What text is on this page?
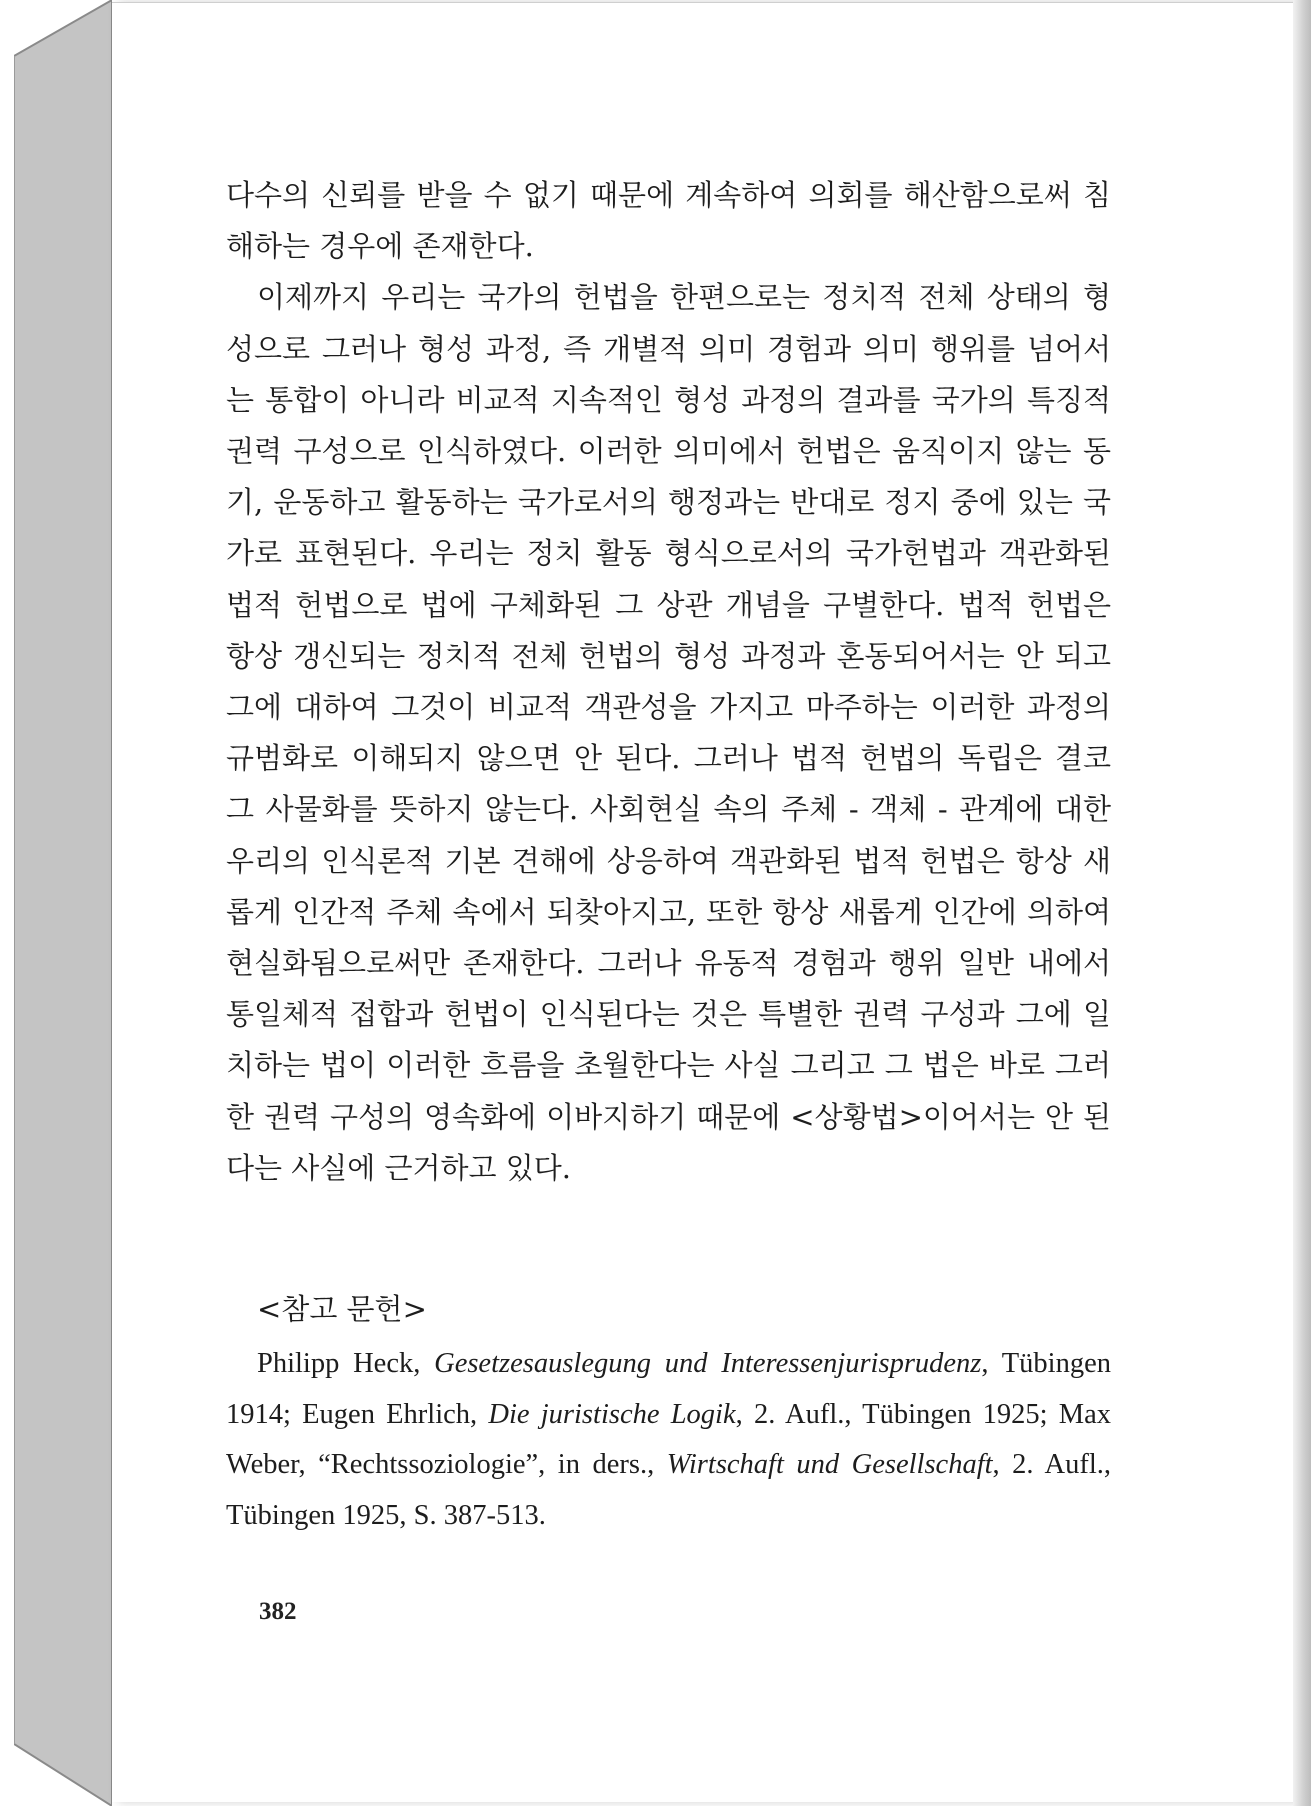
다수의 신뢰를 받을 수 없기 때문에 계속하여 의회를 해산함으로써 침해하는 경우에 존재한다.

이제까지 우리는 국가의 헌법을 한편으로는 정치적 전체 상태의 형성으로 그러나 형성 과정, 즉 개별적 의미 경험과 의미 행위를 넘어서는 통합이 아니라 비교적 지속적인 형성 과정의 결과를 국가의 특징적 권력 구성으로 인식하였다. 이러한 의미에서 헌법은 움직이지 않는 동기, 운동하고 활동하는 국가로서의 행정과는 반대로 정지 중에 있는 국가로 표현된다. 우리는 정치 활동 형식으로서의 국가헌법과 객관화된 법적 헌법으로 법에 구체화된 그 상관 개념을 구별한다. 법적 헌법은 항상 갱신되는 정치적 전체 헌법의 형성 과정과 혼동되어서는 안 되고 그에 대하여 그것이 비교적 객관성을 가지고 마주하는 이러한 과정의 규범화로 이해되지 않으면 안 된다. 그러나 법적 헌법의 독립은 결코 그 사물화를 뜻하지 않는다. 사회현실 속의 주체 - 객체 - 관계에 대한 우리의 인식론적 기본 견해에 상응하여 객관화된 법적 헌법은 항상 새롭게 인간적 주체 속에서 되찾아지고, 또한 항상 새롭게 인간에 의하여 현실화됨으로써만 존재한다. 그러나 유동적 경험과 행위 일반 내에서 통일체적 접합과 헌법이 인식된다는 것은 특별한 권력 구성과 그에 일치하는 법이 이러한 흐름을 초월한다는 사실 그리고 그 법은 바로 그러한 권력 구성의 영속화에 이바지하기 때문에 <상황법>이어서는 안 된다는 사실에 근거하고 있다.

<참고 문헌>

Philipp Heck, Gesetzesauslegung und Interessenjurisprudenz, Tübingen 1914; Eugen Ehrlich, Die juristische Logik, 2. Aufl., Tübingen 1925; Max Weber, “Rechtssoziologie”, in ders., Wirtschaft und Gesellschaft, 2. Aufl., Tübingen 1925, S. 387-513.

382
